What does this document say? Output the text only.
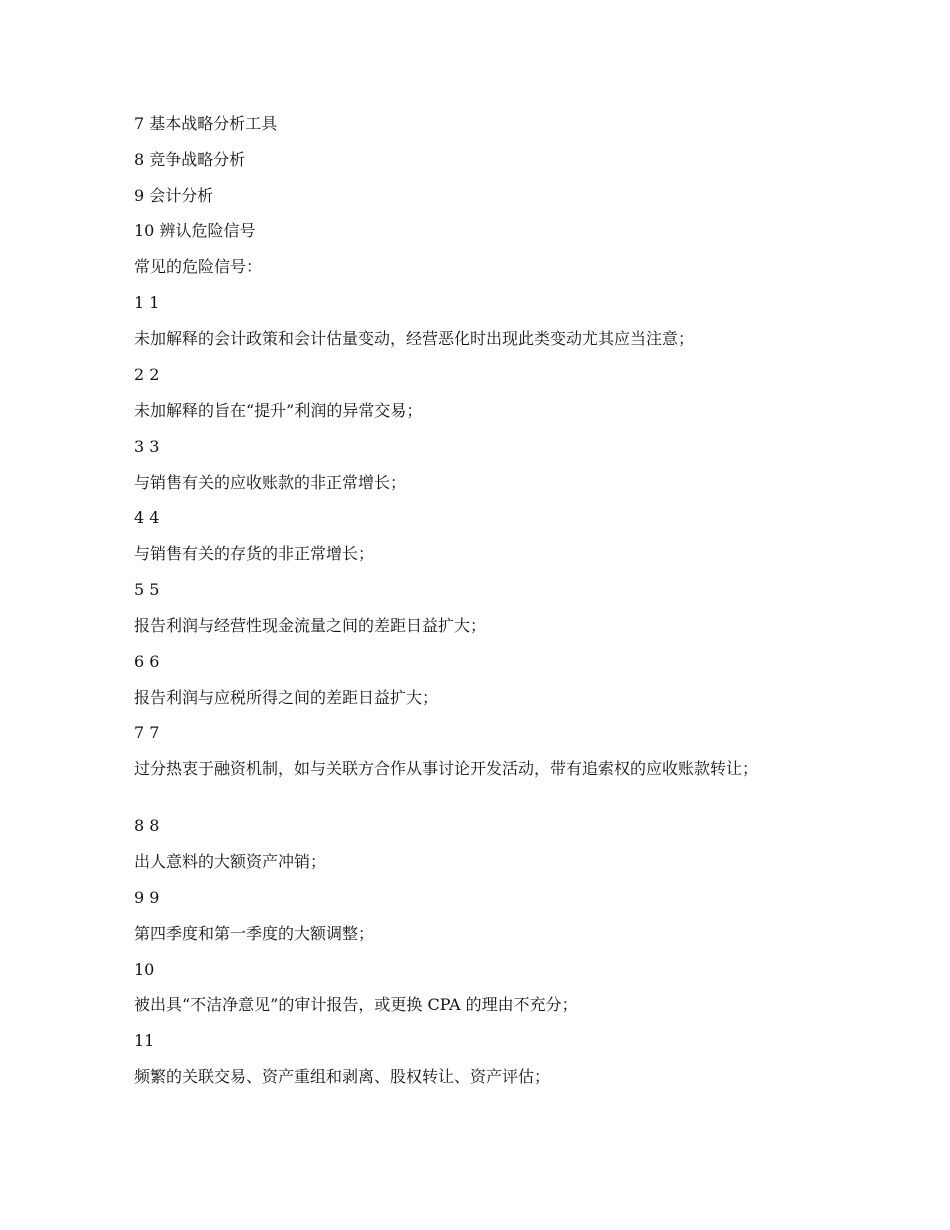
7 基本战略分析工具
8 竞争战略分析
9 会计分析
10 辨认危险信号
常见的危险信号：
1 1
未加解释的会计政策和会计估量变动，经营恶化时出现此类变动尤其应当注意；
2 2
未加解释的旨在“提升”利润的异常交易；
3 3
与销售有关的应收账款的非正常增长；
4 4
与销售有关的存货的非正常增长；
5 5
报告利润与经营性现金流量之间的差距日益扩大；
6 6
报告利润与应税所得之间的差距日益扩大；
7 7
过分热衷于融资机制，如与关联方合作从事讨论开发活动，带有追索权的应收账款转让；
8 8
出人意料的大额资产冲销；
9 9
第四季度和第一季度的大额调整；
10
被出具“不洁净意见”的审计报告，或更换 CPA 的理由不充分；
11
频繁的关联交易、资产重组和剥离、股权转让、资产评估；
